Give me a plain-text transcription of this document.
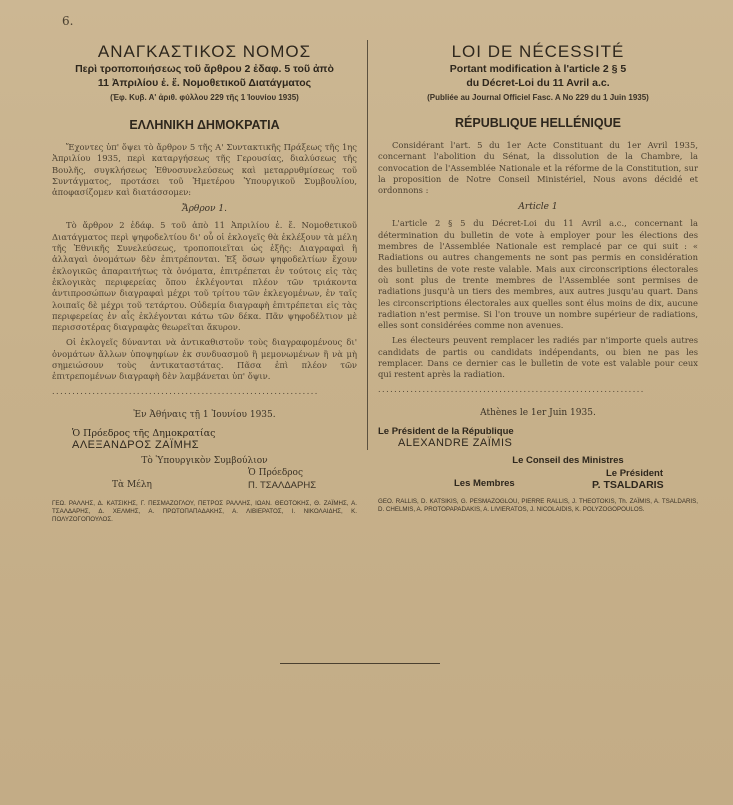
6.
ΑΝΑΓΚΑΣΤΙΚΟΣ ΝΟΜΟΣ
Περὶ τροποποιήσεως τοῦ ἄρθρου 2 ἐδαφ. 5 τοῦ ἀπὸ
11 Ἀπριλίου ἐ. ἔ. Νομοθετικοῦ Διατάγματος
(Ἐφ. Κυβ. Α' ἀριθ. φύλλου 229 τῆς 1 Ἰουνίου 1935)
ΕΛΛΗΝΙΚΗ ΔΗΜΟΚΡΑΤΙΑ

Ἔχοντες ὑπ' ὄψει τὸ ἄρθρον 5 τῆς Α' Συντακτικῆς Πράξεως τῆς 1ης Ἀπριλίου 1935, περὶ καταργήσεως τῆς Γερουσίας, διαλύσεως τῆς Βουλῆς, συγκλήσεως Ἐθνοσυνελεύσεως καὶ μεταρρυθμίσεως τοῦ Συντάγματος, προτάσει τοῦ Ἡμετέρου Ὑπουργικοῦ Συμβουλίου, ἀποφασίζομεν καὶ διατάσσομεν:

Ἄρθρον 1.

Τὸ ἄρθρον 2 ἐδάφ. 5 τοῦ ἀπὸ 11 Ἀπριλίου ἐ. ἔ. Νομοθετικοῦ Διατάγματος περὶ ψηφοδελτίου δι' οὗ οἱ ἐκλογεῖς θὰ ἐκλέξουν τὰ μέλη τῆς Ἐθνικῆς Συνελεύσεως, τροποποιεῖται ὡς ἑξῆς: Διαγραφαὶ ἢ ἀλλαγαὶ ὀνομάτων δὲν ἐπιτρέπονται. Ἐξ ὅσων ψηφοδελτίων ἔχουν ἐκλογικῶς ἀπαραιτήτως τὰ ὀνόματα, ἐπιτρέπεται ἐν τούτοις εἰς τὰς ἐκλογικὰς περιφερείας ὅπου ἐκλέγονται πλέον τῶν τριάκοντα ἀντιπροσώπων διαγραφαὶ μέχρι τοῦ τρίτου τῶν ἐκλεγομένων, ἐν ταῖς λοιπαῖς δὲ μέχρι τοῦ τετάρτου. Οὐδεμία διαγραφὴ ἐπιτρέπεται εἰς τὰς περιφερείας ἐν αἷς ἐκλέγονται κάτω τῶν δέκα. Πᾶν ψηφοδέλτιον μὲ περισσοτέρας διαγραφὰς θεωρεῖται ἄκυρον.

Οἱ ἐκλογεῖς δύνανται νὰ ἀντικαθιστοῦν τοὺς διαγραφομένους δι' ὀνομάτων ἄλλων ὑποψηφίων ἐκ συνδυασμοῦ ἢ μεμονωμένων ἢ νὰ μὴ σημειώσουν τοὺς ἀντικαταστάτας. Πᾶσα ἐπὶ πλέον τῶν ἐπιτρεπομένων διαγραφὴ δὲν λαμβάνεται ὑπ' ὄψιν.

..................................................................
Ἐν Ἀθήναις τῇ 1 Ἰουνίου 1935.
Ὁ Πρόεδρος τῆς Δημοκρατίας
ΑΛΕΞΑΝΔΡΟΣ ΖΑΪΜΗΣ
Τὸ Ὑπουργικὸν Συμβούλιον
Τὰ Μέλη
Ὁ Πρόεδρος
Π. ΤΣΑΛΔΑΡΗΣ
ΓΕΩ. ΡΑΛΛΗΣ, Δ. ΚΑΤΣΙΚΗΣ, Γ. ΠΕΣΜΑΖΟΓΛΟΥ, ΠΕΤΡΟΣ ΡΑΛΛΗΣ, ΙΩΑΝ. ΘΕΟΤΟΚΗΣ, Θ. ΖΑΪΜΗΣ, Α. ΤΣΑΛΔΑΡΗΣ, Δ. ΧΕΛΜΗΣ, Α. ΠΡΩΤΟΠΑΠΑΔΑΚΗΣ, Α. ΛΙΒΙΕΡΑΤΟΣ, Ι. ΝΙΚΟΛΑΙΔΗΣ, Κ. ΠΟΛΥΖΟΓΟΠΟΥΛΟΣ.
LOI DE NÉCESSITÉ
Portant modification à l'article 2 § 5
du Décret-Loi du 11 Avril a.c.
(Publiée au Journal Officiel Fasc. A No 229 du 1 Juin 1935)
RÉPUBLIQUE HELLÉNIQUE

Considérant l'art. 5 du 1er Acte Constituant du 1er Avril 1935, concernant l'abolition du Sénat, la dissolution de la Chambre, la convocation de l'Assemblée Nationale et la réforme de la Constitution, sur la proposition de Notre Conseil Ministériel, Nous avons décidé et ordonnons :

Article 1

L'article 2 § 5 du Décret-Loi du 11 Avril a.c., concernant la détermination du bulletin de vote à employer pour les élections des membres de l'Assemblée Nationale est remplacé par ce qui suit : « Radiations ou autres changements ne sont pas permis en considération des bulletins de vote reste valable. Mais aux circonscriptions électorales où sont plus de trente membres de l'Assemblée sont permises de radiations jusqu'à un tiers des membres, aux autres jusqu'au quart. Dans les circonscriptions électorales aux quelles sont élus moins de dix, aucune radiation n'est permise. Si l'on trouve un nombre supérieur de radiations, elles sont considérées comme non avenues.

Les électeurs peuvent remplacer les radiés par n'importe quels autres candidats de partis ou candidats indépendants, ou bien ne pas les remplacer. Dans ce dernier cas le bulletin de vote est valable pour ceux qui restent après la radiation.

..................................................................
Athènes le 1er Juin 1935.
Le Président de la République
ALEXANDRE ZAÏMIS
Le Conseil des Ministres
Le Président
Les Membres	P. TSALDARIS
GEO. RALLIS, D. KATSIKIS, G. PESMAZOGLOU, PIERRE RALLIS, J. THEOTOKIS, Th. ZAÏMIS, A. TSALDARIS, D. CHELMIS, A. PROTOPAPADAKIS, A. LIVIERATOS, J. NICOLAIDIS, K. POLYZOGOPOULOS.
